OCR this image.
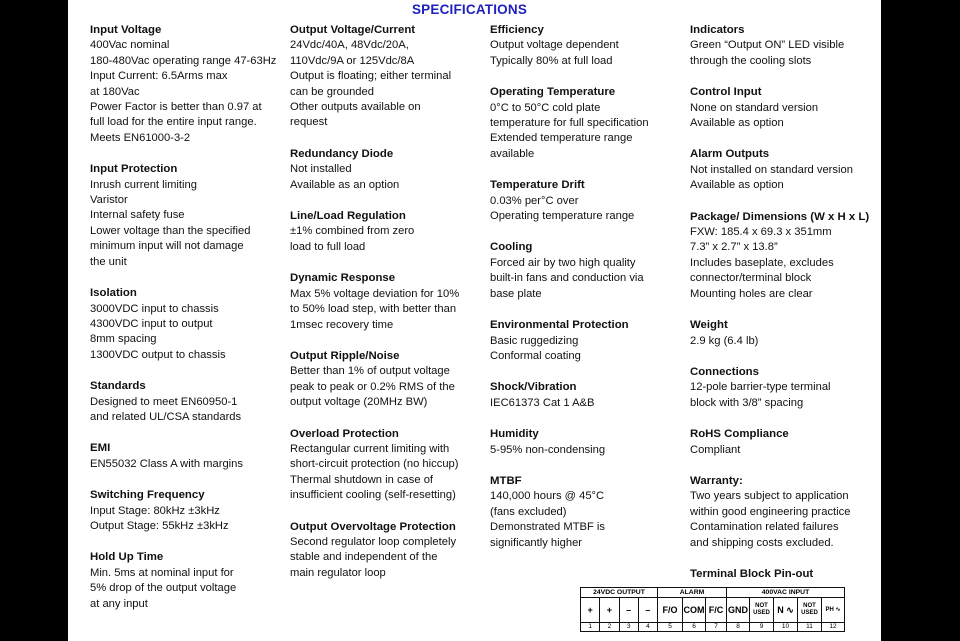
SPECIFICATIONS
Input Voltage
400Vac nominal
180-480Vac operating range 47-63Hz
Input Current: 6.5Arms max
at 180Vac
Power Factor is better than 0.97 at
full load for the entire input range.
Meets EN61000-3-2
Input Protection
Inrush current limiting
Varistor
Internal safety fuse
Lower voltage than the specified
minimum input will not damage
the unit
Isolation
3000VDC input to chassis
4300VDC input to output
8mm spacing
1300VDC output to chassis
Standards
Designed to meet EN60950-1
and related UL/CSA standards
EMI
EN55032 Class A with margins
Switching Frequency
Input Stage: 80kHz ±3kHz
Output Stage: 55kHz ±3kHz
Hold Up Time
Min. 5ms at nominal input for
5% drop of the output voltage
at any input
Output Voltage/Current
24Vdc/40A, 48Vdc/20A,
110Vdc/9A or 125Vdc/8A
Output is floating; either terminal
can be grounded
Other outputs available on
request
Redundancy Diode
Not installed
Available as an option
Line/Load Regulation
±1% combined from zero
load to full load
Dynamic Response
Max 5% voltage deviation for 10%
to 50% load step, with better than
1msec recovery time
Output Ripple/Noise
Better than 1% of output voltage
peak to peak or 0.2% RMS of the
output voltage (20MHz BW)
Overload Protection
Rectangular current limiting with
short-circuit protection (no hiccup)
Thermal shutdown in case of
insufficient cooling (self-resetting)
Output Overvoltage Protection
Second regulator loop completely
stable and independent of the
main regulator loop
Efficiency
Output voltage dependent
Typically 80% at full load
Operating Temperature
0°C to 50°C cold plate
temperature for full specification
Extended temperature range
available
Temperature Drift
0.03% per°C over
Operating temperature range
Cooling
Forced air by two high quality
built-in fans and conduction via
base plate
Environmental Protection
Basic ruggedizing
Conformal coating
Shock/Vibration
IEC61373 Cat 1 A&B
Humidity
5-95% non-condensing
MTBF
140,000 hours @ 45°C
(fans excluded)
Demonstrated MTBF is
significantly higher
Indicators
Green “Output ON” LED visible
through the cooling slots
Control Input
None on standard version
Available as option
Alarm Outputs
Not installed on standard version
Available as option
Package/ Dimensions (W x H x L)
FXW: 185.4 x 69.3 x 351mm
7.3” x 2.7” x 13.8”
Includes baseplate, excludes
connector/terminal block
Mounting holes are clear
Weight
2.9 kg (6.4 lb)
Connections
12-pole barrier-type terminal
block with 3/8” spacing
RoHS Compliance
Compliant
Warranty:
Two years subject to application
within good engineering practice
Contamination related failures
and shipping costs excluded.
Terminal Block Pin-out
24VDC OUTPUT				ALARM			400VAC INPUT				
+	+	–	–	F/O	COM	F/C	GND	NOT USED	N ∿	NOT USED	PH ∿
1	2	3	4	5	6	7	8	9	10	11	12
